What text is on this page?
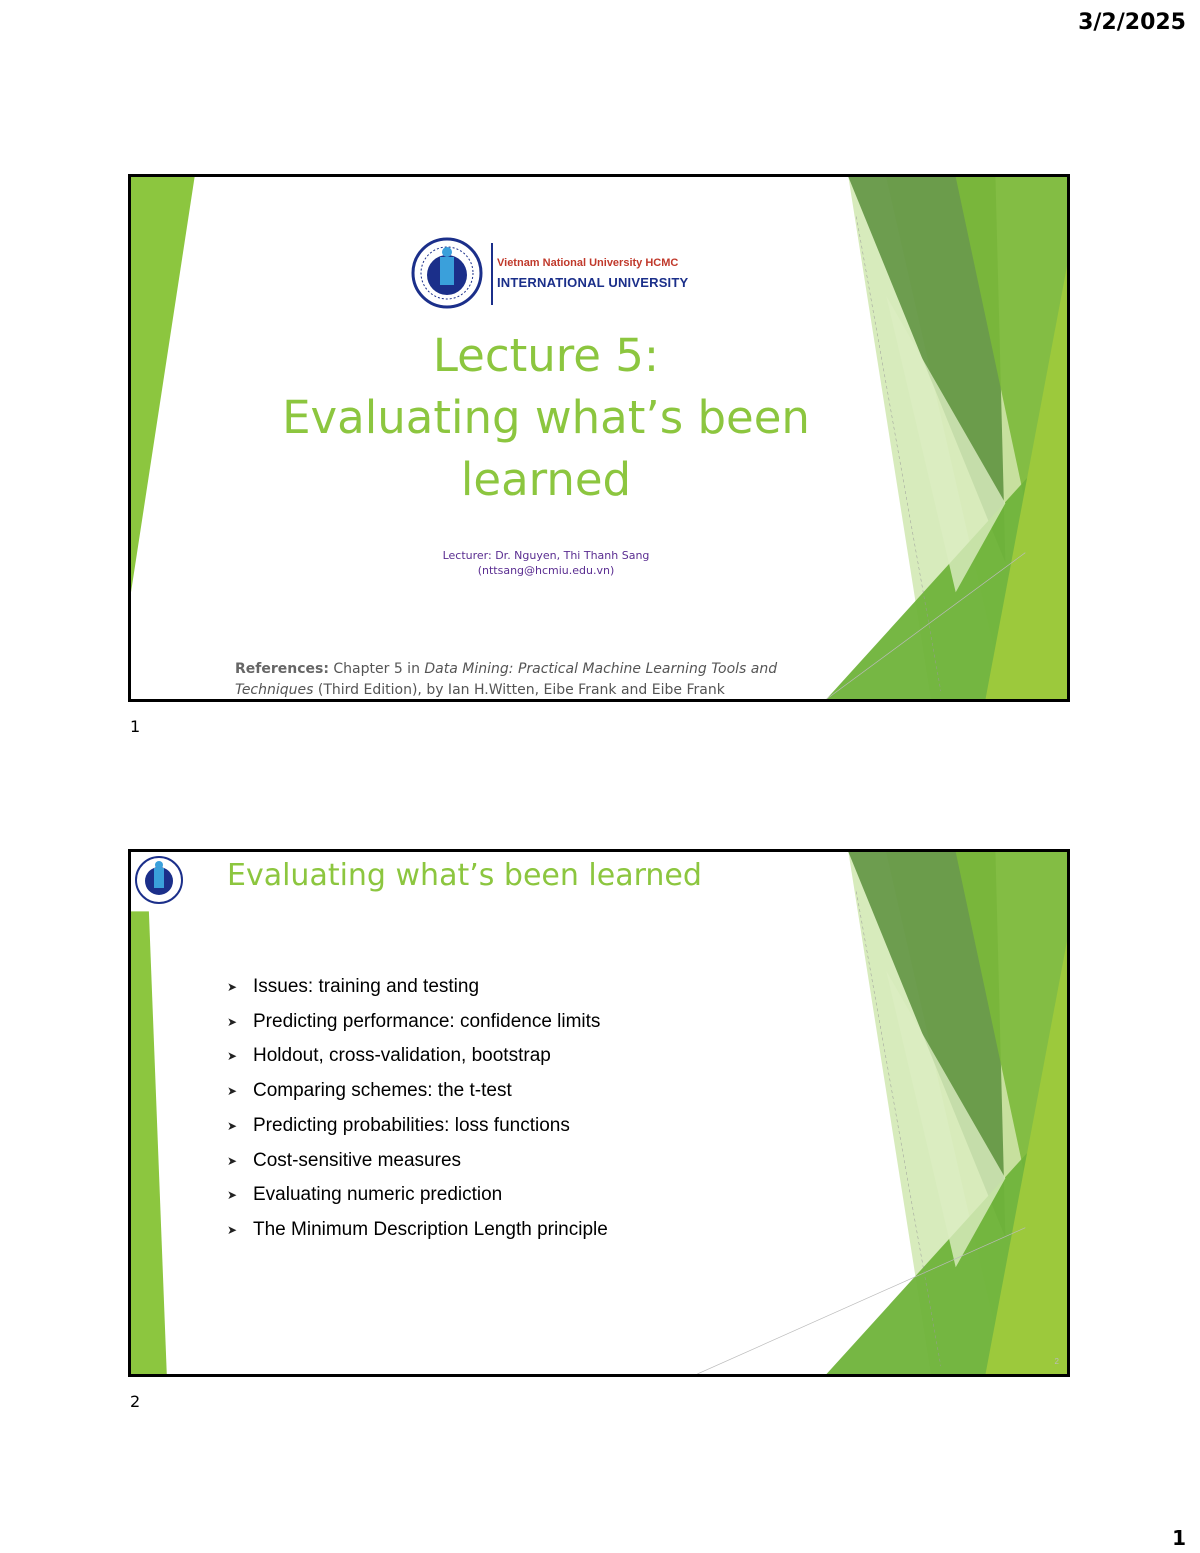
3/2/2025
Vietnam National University HCMC
INTERNATIONAL UNIVERSITY
Lecture 5:
Evaluating what’s been
learned
Lecturer: Dr. Nguyen, Thi Thanh Sang
(nttsang@hcmiu.edu.vn)
References: Chapter 5 in Data Mining: Practical Machine Learning Tools and
Techniques (Third Edition), by Ian H.Witten, Eibe Frank and Eibe Frank
1
Evaluating what’s been learned
➤ Issues: training and testing
➤ Predicting performance: confidence limits
➤ Holdout, cross-validation, bootstrap
➤ Comparing schemes: the t-test
➤ Predicting probabilities: loss functions
➤ Cost-sensitive measures
➤ Evaluating numeric prediction
➤ The Minimum Description Length principle
2
2
1
